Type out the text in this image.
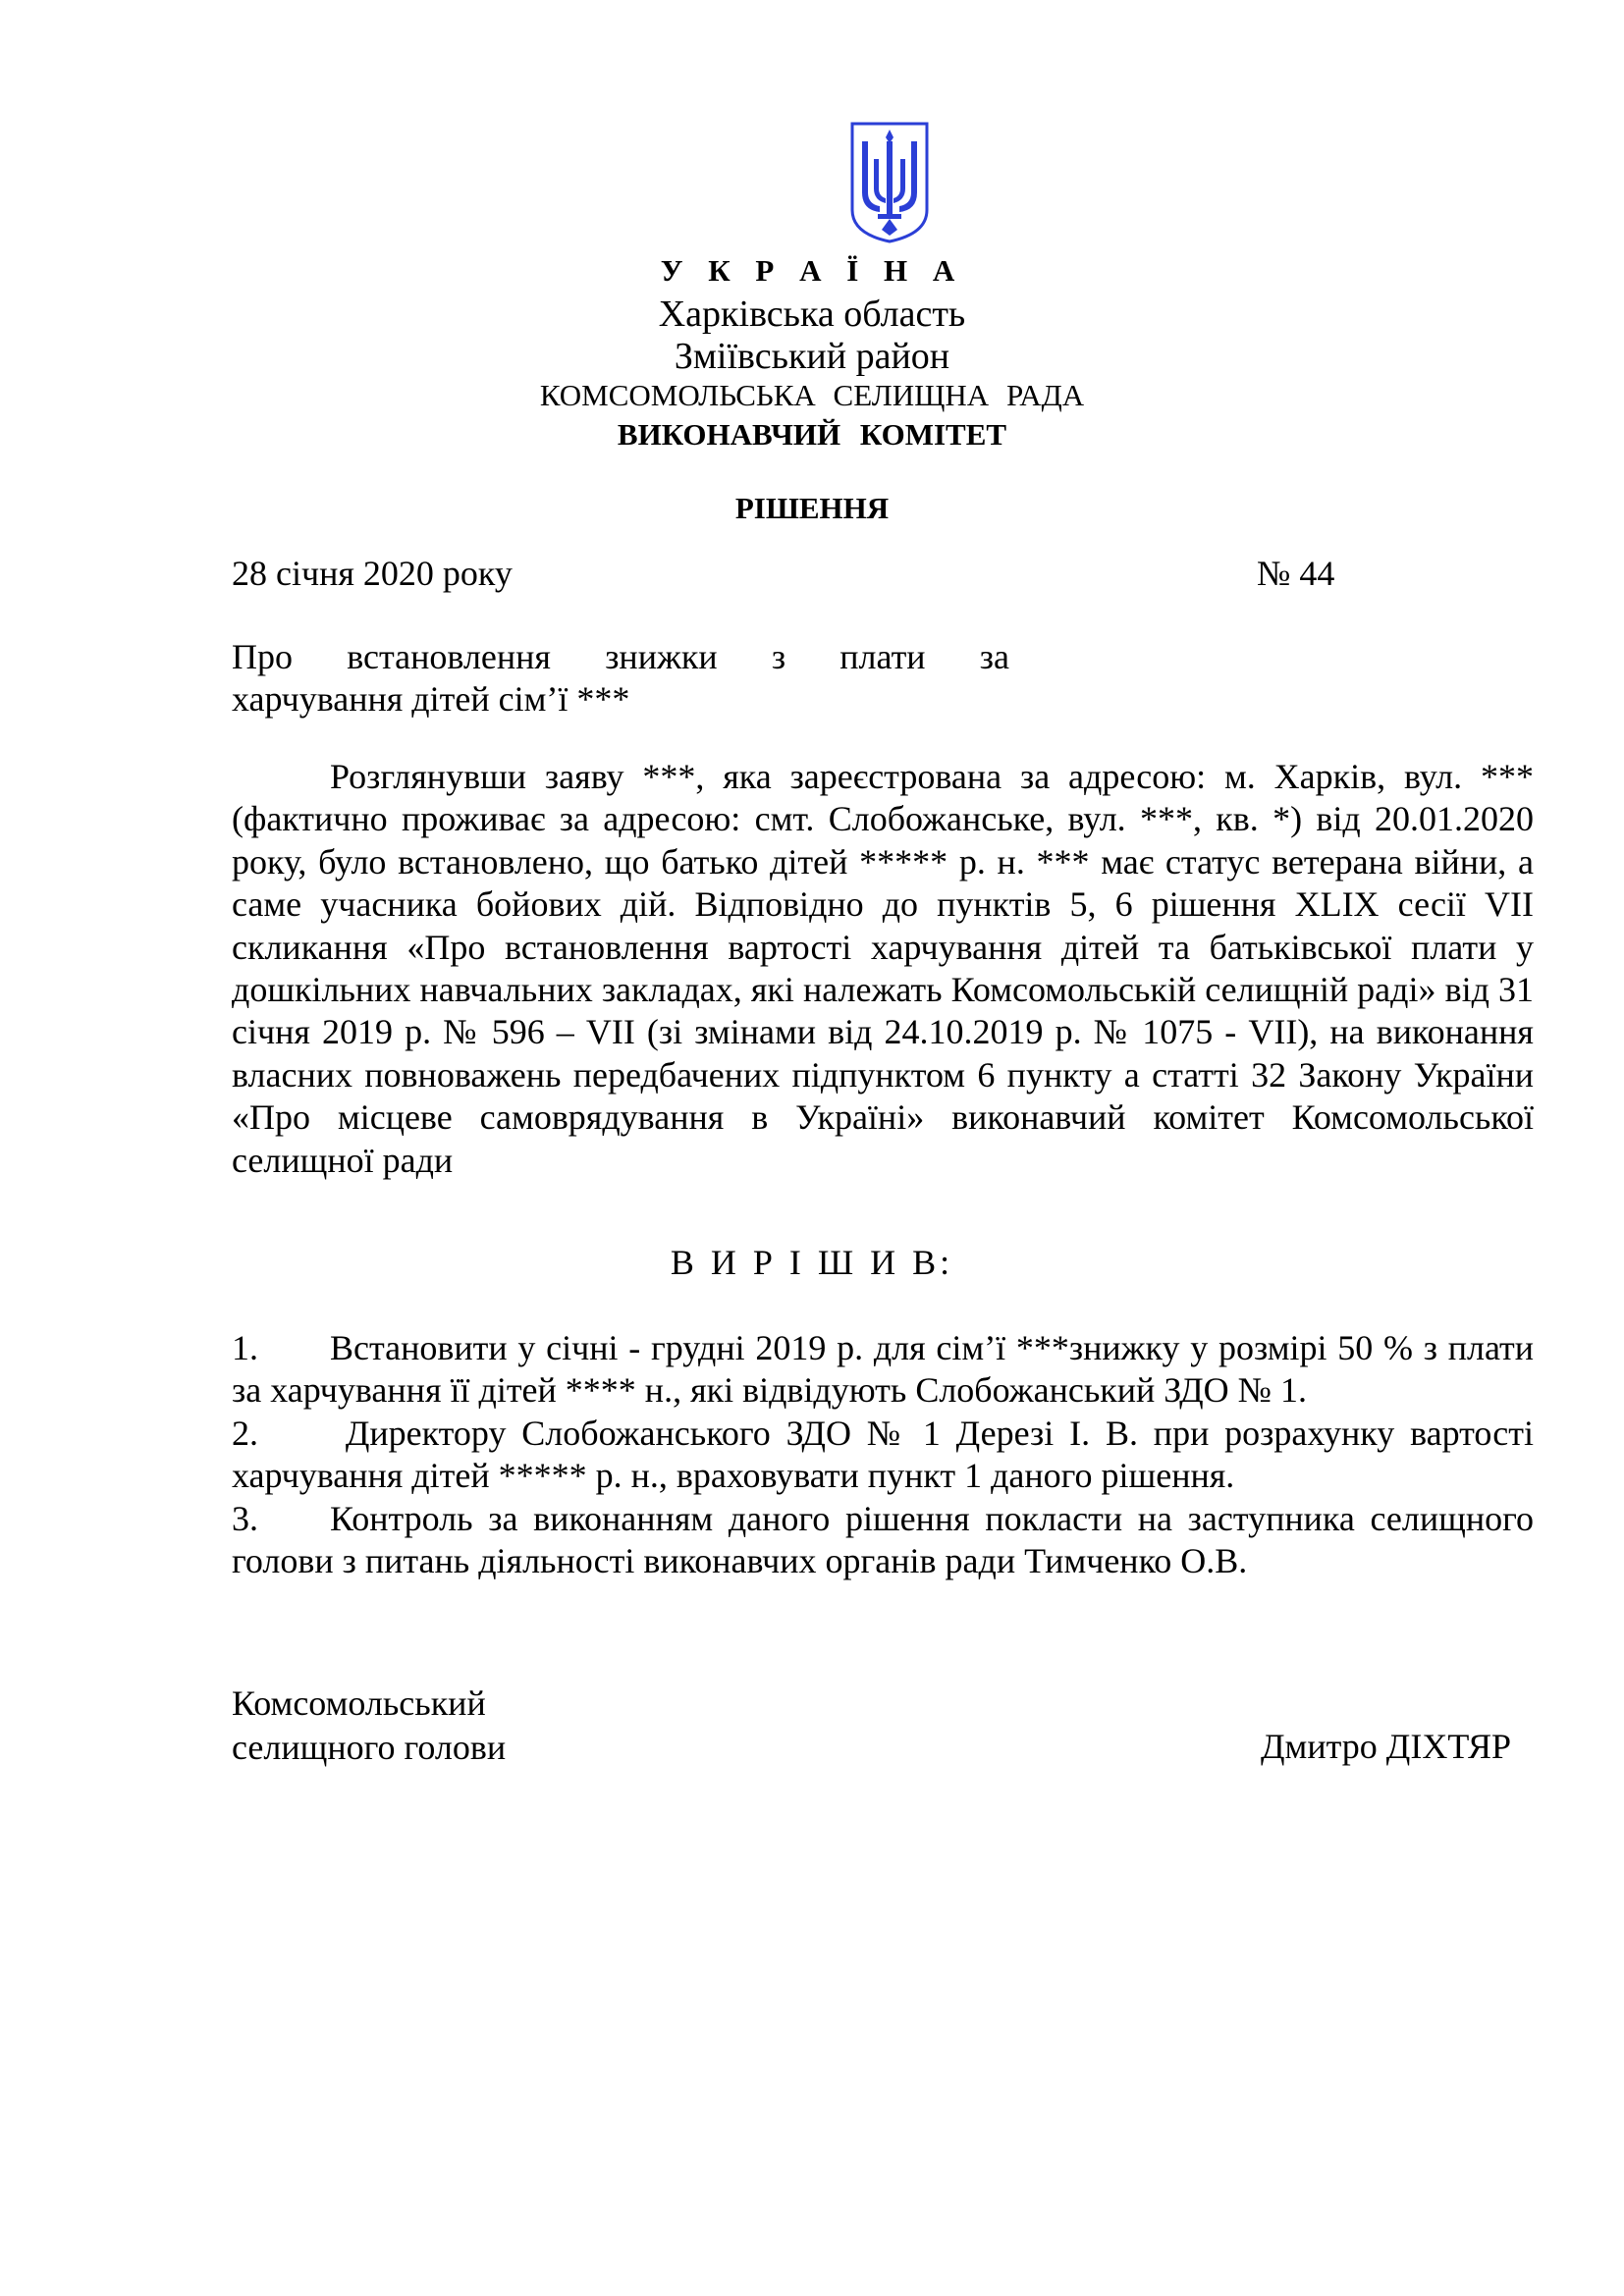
У К Р А Ї Н А
Харківська область
Зміївський район
КОМСОМОЛЬСЬКА СЕЛИЩНА РАДА
ВИКОНАВЧИЙ КОМІТЕТ
РІШЕННЯ
28 січня 2020 року	№ 44
Про встановлення знижки з плати за
харчування дітей сім’ї ***
Розглянувши заяву ***, яка зареєстрована за адресою: м. Харків, вул. *** (фактично проживає за адресою: смт. Слобожанське, вул. ***, кв. *) від 20.01.2020 року, було встановлено, що батько дітей ***** р. н. *** має статус ветерана війни, а саме учасника бойових дій. Відповідно до пунктів 5, 6 рішення XLIX сесії VII скликання «Про встановлення вартості харчування дітей та батьківської плати у дошкільних навчальних закладах, які належать Комсомольській селищній раді» від 31 січня 2019 р. № 596 – VII (зі змінами від 24.10.2019 р. № 1075 - VII), на виконання власних повноважень передбачених підпунктом 6 пункту а статті 32 Закону України «Про місцеве самоврядування в Україні» виконавчий комітет Комсомольської селищної ради
В И Р І Ш И В:
1. Встановити у січні - грудні 2019 р. для сім’ї ***знижку у розмірі 50 % з плати за харчування її дітей **** н., які відвідують Слобожанський ЗДО № 1.
2. Директору Слобожанського ЗДО № 1 Дерезі І. В. при розрахунку вартості харчування дітей ***** р. н., враховувати пункт 1 даного рішення.
3. Контроль за виконанням даного рішення покласти на заступника селищного голови з питань діяльності виконавчих органів ради Тимченко О.В.
Комсомольський
селищного голови	Дмитро ДІХТЯР
